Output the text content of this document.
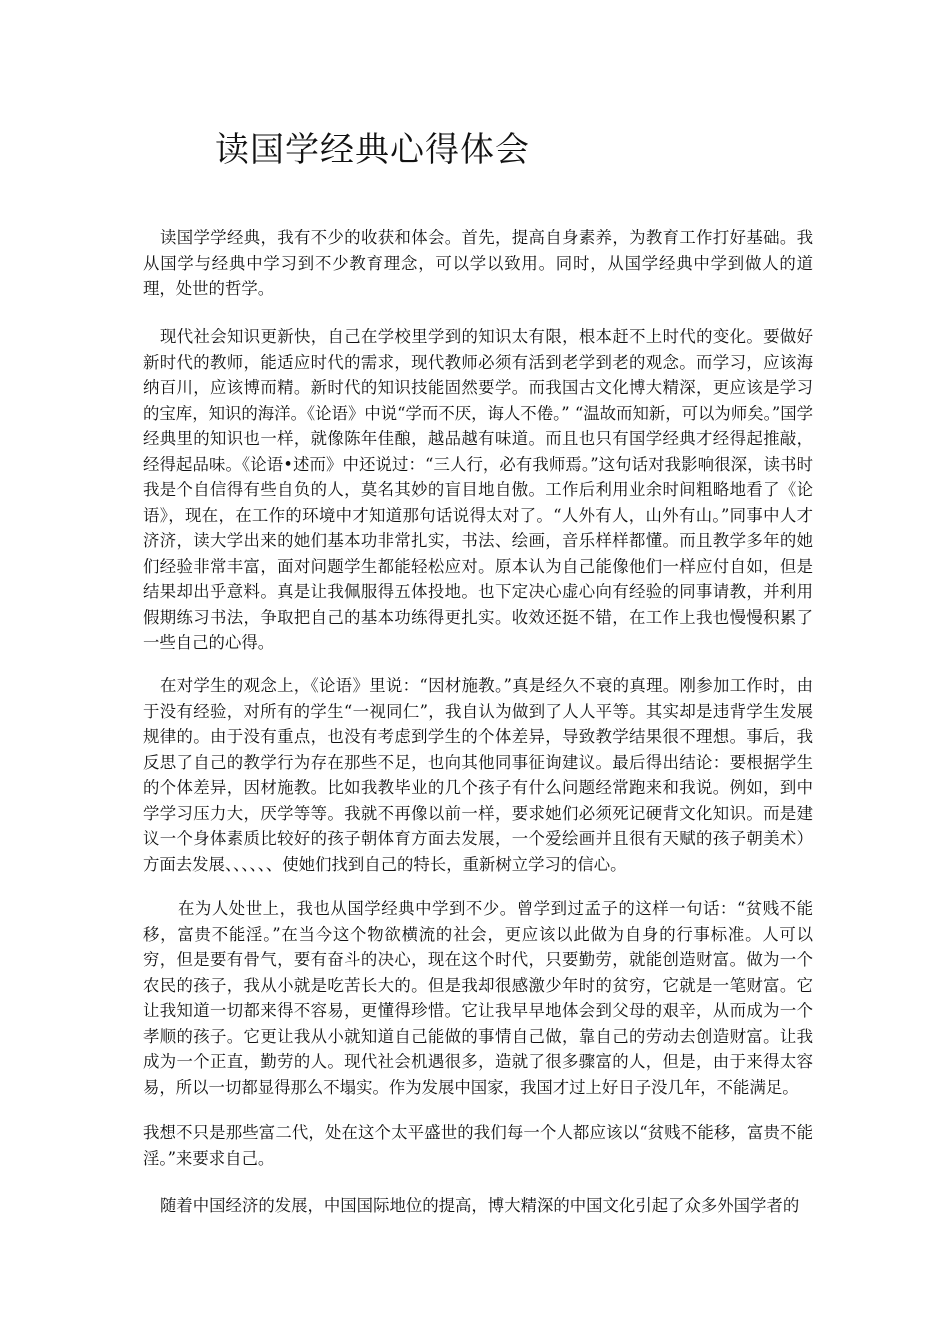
读国学经典心得体会

读国学学经典，我有不少的收获和体会。首先，提高自身素养，为教育工作打好基础。我从国学与经典中学习到不少教育理念，可以学以致用。同时，从国学经典中学到做人的道理，处世的哲学。

现代社会知识更新快，自己在学校里学到的知识太有限，根本赶不上时代的变化。要做好新时代的教师，能适应时代的需求，现代教师必须有活到老学到老的观念。而学习，应该海纳百川，应该博而精。新时代的知识技能固然要学。而我国古文化博大精深，更应该是学习的宝库，知识的海洋。《论语》中说“学而不厌，诲人不倦。” “温故而知新，可以为师矣。”国学经典里的知识也一样，就像陈年佳酿，越品越有味道。而且也只有国学经典才经得起推敲，经得起品味。《论语•述而》中还说过：“三人行，必有我师焉。”这句话对我影响很深，读书时我是个自信得有些自负的人，莫名其妙的盲目地自傲。工作后利用业余时间粗略地看了《论语》，现在，在工作的环境中才知道那句话说得太对了。“人外有人，山外有山。”同事中人才济济，读大学出来的她们基本功非常扎实，书法、绘画，音乐样样都懂。而且教学多年的她们经验非常丰富，面对问题学生都能轻松应对。原本认为自己能像他们一样应付自如，但是结果却出乎意料。真是让我佩服得五体投地。也下定决心虚心向有经验的同事请教，并利用假期练习书法，争取把自己的基本功练得更扎实。收效还挺不错，在工作上我也慢慢积累了一些自己的心得。

在对学生的观念上，《论语》里说：“因材施教。”真是经久不衰的真理。刚参加工作时，由于没有经验，对所有的学生“一视同仁”，我自认为做到了人人平等。其实却是违背学生发展规律的。由于没有重点，也没有考虑到学生的个体差异，导致教学结果很不理想。事后，我反思了自己的教学行为存在那些不足，也向其他同事征询建议。最后得出结论：要根据学生的个体差异，因材施教。比如我教毕业的几个孩子有什么问题经常跑来和我说。例如，到中学学习压力大，厌学等等。我就不再像以前一样，要求她们必须死记硬背文化知识。而是建议一个身体素质比较好的孩子朝体育方面去发展，一个爱绘画并且很有天赋的孩子朝美术）方面去发展、、、、、、使她们找到自己的特长，重新树立学习的信心。

在为人处世上，我也从国学经典中学到不少。曾学到过孟子的这样一句话：“贫贱不能移，富贵不能淫。”在当今这个物欲横流的社会，更应该以此做为自身的行事标准。人可以穷，但是要有骨气，要有奋斗的决心，现在这个时代，只要勤劳，就能创造财富。做为一个农民的孩子，我从小就是吃苦长大的。但是我却很感激少年时的贫穷，它就是一笔财富。它让我知道一切都来得不容易，更懂得珍惜。它让我早早地体会到父母的艰辛，从而成为一个孝顺的孩子。它更让我从小就知道自己能做的事情自己做，靠自己的劳动去创造财富。让我成为一个正直，勤劳的人。现代社会机遇很多，造就了很多骤富的人，但是，由于来得太容易，所以一切都显得那么不塌实。作为发展中国家，我国才过上好日子没几年，不能满足。

我想不只是那些富二代，处在这个太平盛世的我们每一个人都应该以“贫贱不能移，富贵不能淫。”来要求自己。

随着中国经济的发展，中国国际地位的提高，博大精深的中国文化引起了众多外国学者的
